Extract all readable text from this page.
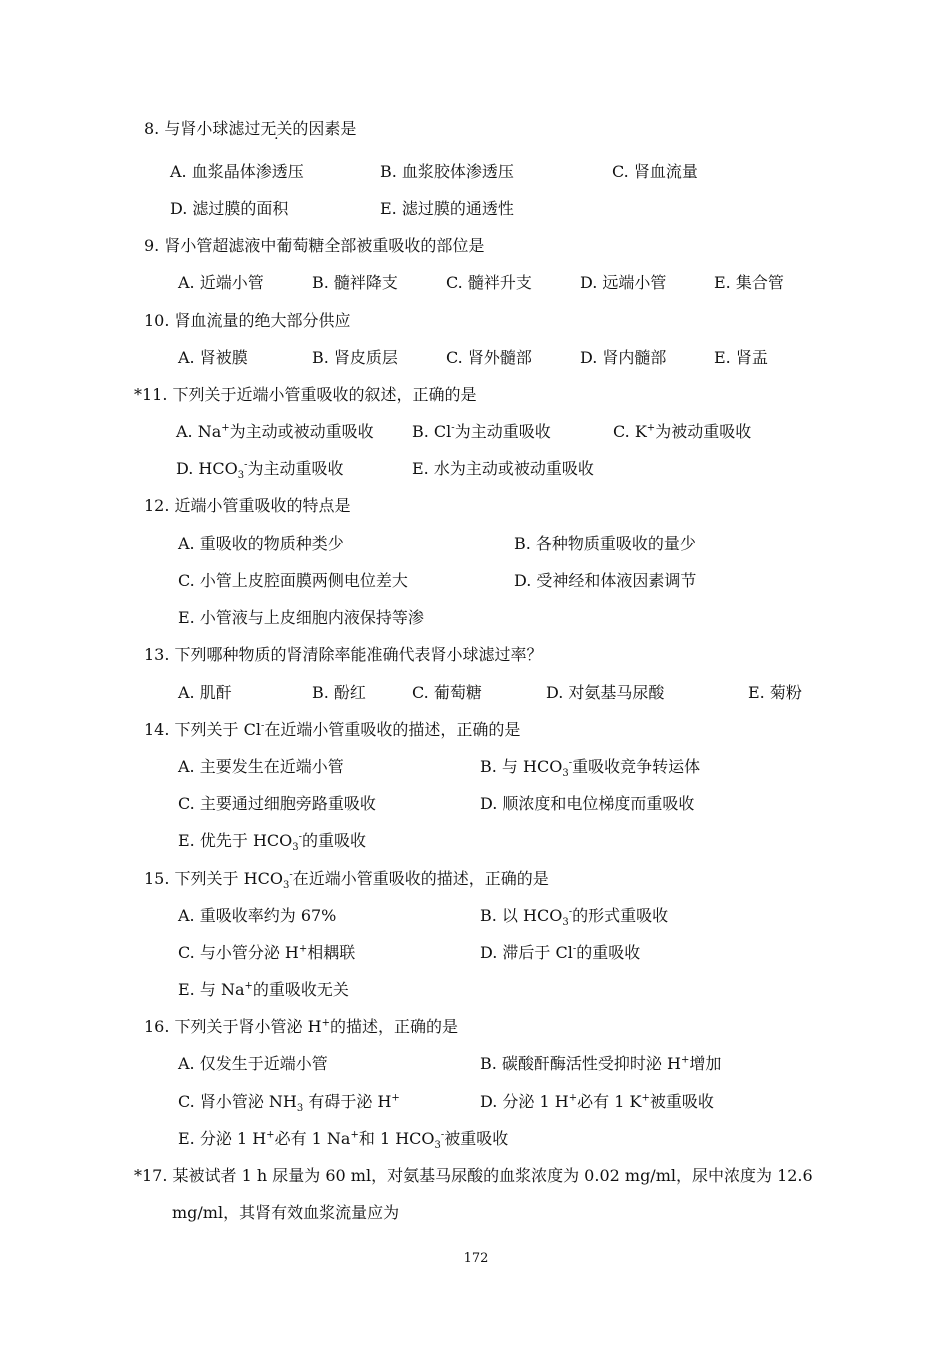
8. 与肾小球滤过无关的因素是
A. 血浆晶体渗透压	B. 血浆胶体渗透压	C. 肾血流量
D. 滤过膜的面积	E. 滤过膜的通透性
9. 肾小管超滤液中葡萄糖全部被重吸收的部位是
A. 近端小管	B. 髓袢降支	C. 髓袢升支	D. 远端小管	E. 集合管
10. 肾血流量的绝大部分供应
A. 肾被膜	B. 肾皮质层	C. 肾外髓部	D. 肾内髓部	E. 肾盂
*11. 下列关于近端小管重吸收的叙述，正确的是
A. Na+为主动或被动重吸收 B. Cl-为主动重吸收	C. K+为被动重吸收
D. $HCO_3^-$为主动重吸收	E. 水为主动或被动重吸收
12. 近端小管重吸收的特点是
A. 重吸收的物质种类少	B. 各种物质重吸收的量少
C. 小管上皮腔面膜两侧电位差大	D. 受神经和体液因素调节
E. 小管液与上皮细胞内液保持等渗
13. 下列哪种物质的肾清除率能准确代表肾小球滤过率？
A. 肌酐	B. 酚红	C. 葡萄糖	D. 对氨基马尿酸	E. 菊粉
14. 下列关于 Cl-在近端小管重吸收的描述，正确的是
A. 主要发生在近端小管	B. 与 $HCO_3^-$重吸收竞争转运体
C. 主要通过细胞旁路重吸收	D. 顺浓度和电位梯度而重吸收
E. 优先于 $HCO_3^-$的重吸收
15. 下列关于 $HCO_3^-$在近端小管重吸收的描述，正确的是
A. 重吸收率约为 67%	B. 以 $HCO_3^-$的形式重吸收
C. 与小管分泌 H+相耦联	D. 滞后于 Cl-的重吸收
E. 与 Na+的重吸收无关
16. 下列关于肾小管泌 H+的描述，正确的是
A. 仅发生于近端小管	B. 碳酸酐酶活性受抑时泌 H+增加
C. 肾小管泌 $NH_3$ 有碍于泌 H+	D. 分泌 1 H+必有 1 K+被重吸收
E. 分泌 1 H+必有 1 Na+和 1 $HCO_3^-$被重吸收
*17. 某被试者 1 h 尿量为 60 ml，对氨基马尿酸的血浆浓度为 0.02 mg/ml，尿中浓度为 12.6
mg/ml，其肾有效血浆流量应为
172
